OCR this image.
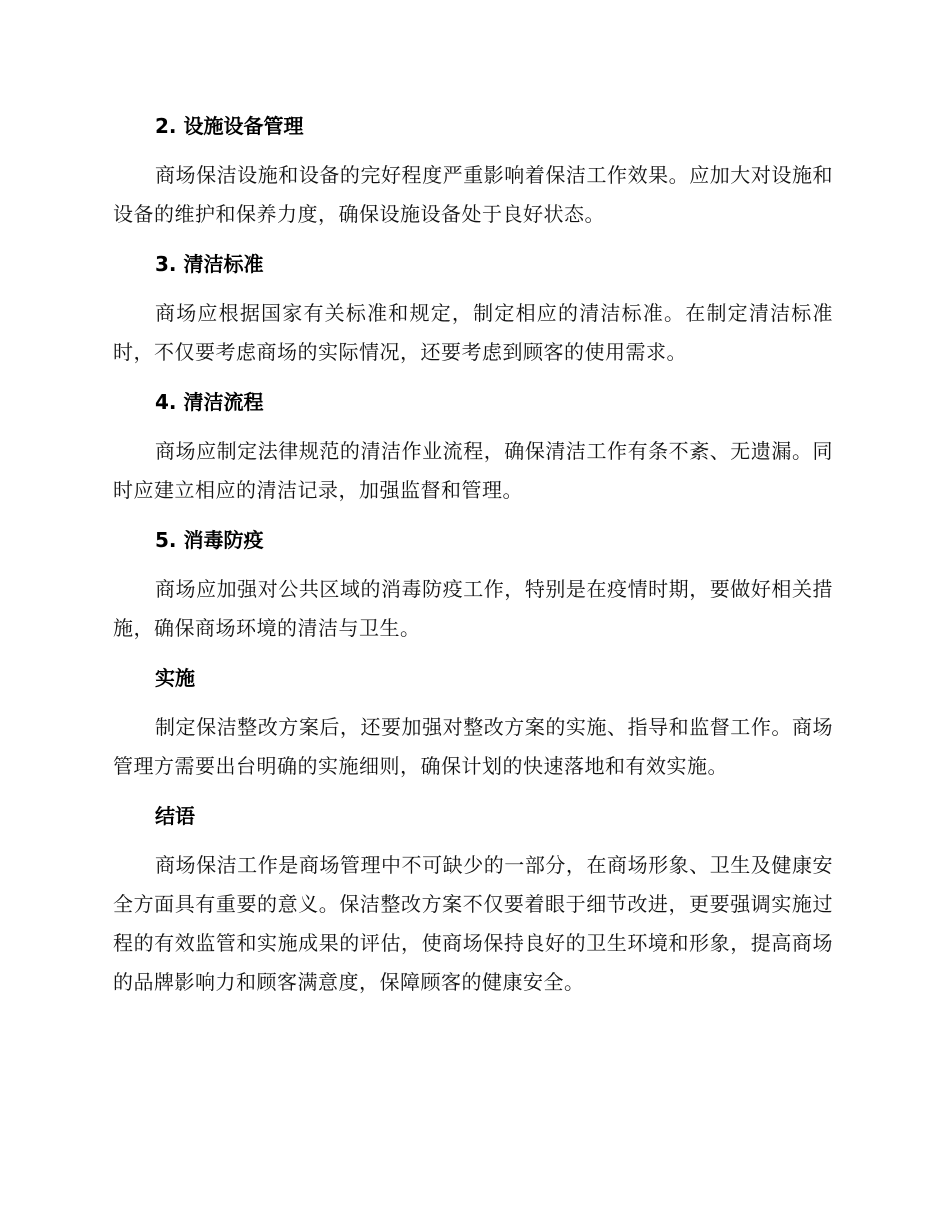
2. 设施设备管理

商场保洁设施和设备的完好程度严重影响着保洁工作效果。应加大对设施和设备的维护和保养力度，确保设施设备处于良好状态。

3. 清洁标准

商场应根据国家有关标准和规定，制定相应的清洁标准。在制定清洁标准时，不仅要考虑商场的实际情况，还要考虑到顾客的使用需求。

4. 清洁流程

商场应制定法律规范的清洁作业流程，确保清洁工作有条不紊、无遗漏。同时应建立相应的清洁记录，加强监督和管理。

5. 消毒防疫

商场应加强对公共区域的消毒防疫工作，特别是在疫情时期，要做好相关措施，确保商场环境的清洁与卫生。

实施

制定保洁整改方案后，还要加强对整改方案的实施、指导和监督工作。商场管理方需要出台明确的实施细则，确保计划的快速落地和有效实施。

结语

商场保洁工作是商场管理中不可缺少的一部分，在商场形象、卫生及健康安全方面具有重要的意义。保洁整改方案不仅要着眼于细节改进，更要强调实施过程的有效监管和实施成果的评估，使商场保持良好的卫生环境和形象，提高商场的品牌影响力和顾客满意度，保障顾客的健康安全。
